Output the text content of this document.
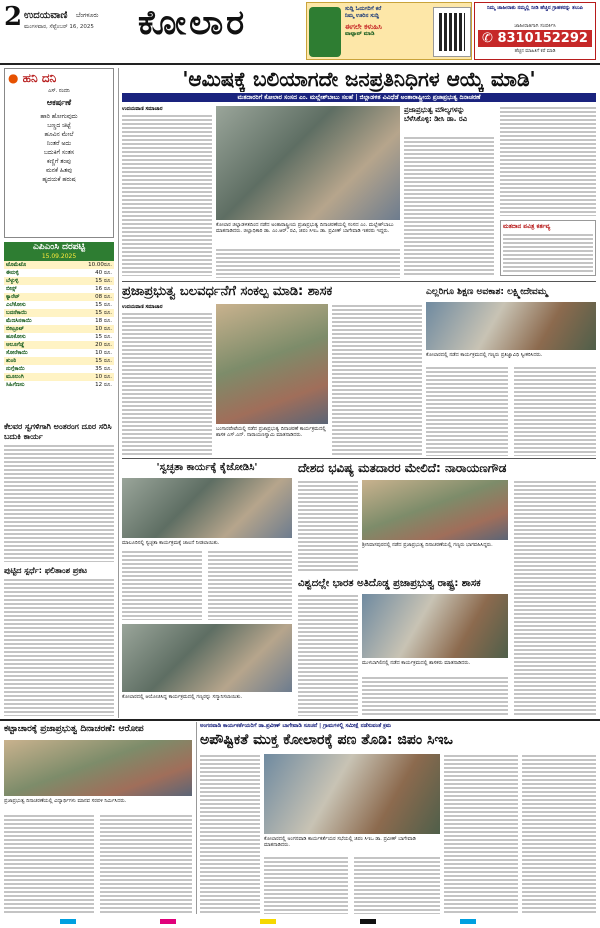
2 ಉದಯವಾಣಿ ಬೆಂಗಳೂರು
ಮಂಗಳವಾರ, ಸೆಪ್ಟೆಂಬರ್ 16, 2025 ಕೋಲಾರ	ಸುದ್ದಿ ಓದುಗರಿಗೆ ಕರೆ
ನಿಮ್ಮ ಊರಿನ ಸುದ್ದಿ
ಈಗಲೇ ಕಳುಹಿಸಿ
ವಾಟ್ಸಾಪ್ ಮಾಡಿ
ನಿಮ್ಮ ಜಾಹೀರಾತು ನಮ್ಮಲ್ಲಿ ನೀಡಿ ಹೆಚ್ಚಿನ ಗ್ರಾಹಕರನ್ನು ತಲುಪಿ
ಜಾಹೀರಾತಿಗಾಗಿ ಸಂಪರ್ಕಿಸಿ
✆ 8310152292
ಹೆಚ್ಚಿನ ಮಾಹಿತಿಗೆ ಕರೆ ಮಾಡಿ
● ಹನಿ ದನಿ
ಎಸ್. ನಂದನಿ
ಆಕರ್ಷಣೆ
ಹಾರಿ ಹೋಗುವುದು
ಬಣ್ಣದ ಚಿಟ್ಟೆ
ಹೂವಿನ ಮೇಲೆ
ನಿಂತರೆ ಅದು
ಬದುಕಿಗೆ ಸಂತಸ
ಕಣ್ಣಿಗೆ ತಂಪು
ಮನಕೆ ಹಿತವು
ಹೃದಯಕೆ ಹರುಷ
ಎಪಿಎಂಸಿ ದರಪಟ್ಟಿ
15.09.2025
ಟೊಮೆಟೊ	10.00ರೂ.
ಈರುಳ್ಳಿ	40 ರೂ.
ಬೆಳ್ಳುಳ್ಳಿ	15 ರೂ.
ಬೀನ್ಸ್	16 ರೂ.
ಕ್ಯಾರೆಟ್	08 ರೂ.
ಎಲೆಕೋಸು	15 ರೂ.
ಬದನೆಕಾಯಿ	15 ರೂ.
ಮೆಣಸಿನಕಾಯಿ	18 ರೂ.
ಬೀಟ್ರೂಟ್	10 ರೂ.
ಹೂಕೋಸು	15 ರೂ.
ಆಲೂಗೆಡ್ಡೆ	20 ರೂ.
ಸೋರೆಕಾಯಿ	10 ರೂ.
ಶುಂಠಿ	15 ರೂ.
ನುಗ್ಗೆಕಾಯಿ	35 ರೂ.
ಮೂಲಂಗಿ	10 ರೂ.
ಸಿಹಿಗೆಣಸು	12 ರೂ.
ಕೆಲವರ ಸ್ವಗಳಿಗಾಗಿ ಅಂತರಂಗ ದೂರ ಸರಿಸಿ ಬದುಕಿ ಕಾರ್ಯ
ಪುಟ್ಟಿದ ಸ್ಪರ್ಧೆ: ಫಲಿತಾಂಶ ಪ್ರಕಟ
'ಆಮಿಷಕ್ಕೆ ಬಲಿಯಾಗದೇ ಜನಪ್ರತಿನಿಧಿಗಳ ಆಯ್ಕೆ ಮಾಡಿ'
ಮತದಾರರಿಗೆ ಕೋಲಾರ ಸಂಸದ ಎಂ. ಮಲ್ಲೇಶ್‌ಬಾಬು ಸಲಹೆ | ಜಿಲ್ಲಾಡಳಿತ ವಿವಿಧೆಡೆ ಅಂತಾರಾಷ್ಟ್ರೀಯ ಪ್ರಜಾಪ್ರಭುತ್ವ ದಿನಾಚರಣೆ
ಉದಯವಾಣಿ ಸಮಾಚಾರ
ಕೋಲಾರ ಜಿಲ್ಲಾಡಳಿತದಿಂದ ನಡೆದ ಅಂತಾರಾಷ್ಟ್ರೀಯ ಪ್ರಜಾಪ್ರಭುತ್ವ ದಿನಾಚರಣೆಯಲ್ಲಿ ಸಂಸದ ಎಂ. ಮಲ್ಲೇಶ್‌ಬಾಬು ಮಾತನಾಡಿದರು. ಜಿಲ್ಲಾಧಿಕಾರಿ ಡಾ. ಎಂ.ಆರ್. ರವಿ, ಜಿಪಂ ಸಿಇಒ ಡಾ. ಪ್ರವೀಣ್ ಬಾಗೇವಾಡಿ ಇತರರು ಇದ್ದರು.
ಪ್ರಜಾಪ್ರಭುತ್ವ ಮೌಲ್ಯಗಳನ್ನು ಬೆಳೆಸಿಕೊಳ್ಳಿ: ಡೀಸಿ ಡಾ. ರವಿ
ಮತದಾನ ಪವಿತ್ರ ಕರ್ತವ್ಯ
ಪ್ರಜಾಪ್ರಭುತ್ವ ಬಲವರ್ಧನೆಗೆ ಸಂಕಲ್ಪ ಮಾಡಿ: ಶಾಸಕ
ಉದಯವಾಣಿ ಸಮಾಚಾರ
ಬಂಗಾರಪೇಟೆಯಲ್ಲಿ ನಡೆದ ಪ್ರಜಾಪ್ರಭುತ್ವ ದಿನಾಚರಣೆ ಕಾರ್ಯಕ್ರಮದಲ್ಲಿ ಶಾಸಕ ಎಸ್.ಎನ್. ನಾರಾಯಣಸ್ವಾಮಿ ಮಾತನಾಡಿದರು.
ಎಲ್ಲರಿಗೂ ಶಿಕ್ಷಣ ಅವಕಾಶ: ಲಕ್ಷ್ಮೀದೇವಮ್ಮ
ಕೋಲಾರದಲ್ಲಿ ನಡೆದ ಕಾರ್ಯಕ್ರಮದಲ್ಲಿ ಗಣ್ಯರು ಪ್ರತಿಜ್ಞಾವಿಧಿ ಸ್ವೀಕರಿಸಿದರು.
'ಸ್ವಚ್ಛತಾ ಕಾರ್ಯಕ್ಕೆ ಕೈಜೋಡಿಸಿ'
ಮಾಲೂರಿನಲ್ಲಿ ಸ್ವಚ್ಛತಾ ಕಾರ್ಯಕ್ರಮಕ್ಕೆ ಚಾಲನೆ ನೀಡಲಾಯಿತು.
ದೇಶದ ಭವಿಷ್ಯ ಮತದಾರರ ಮೇಲಿದೆ: ನಾರಾಯಣಗೌಡ
ಶ್ರೀನಿವಾಸಪುರದಲ್ಲಿ ನಡೆದ ಪ್ರಜಾಪ್ರಭುತ್ವ ದಿನಾಚರಣೆಯಲ್ಲಿ ಗಣ್ಯರು ಭಾಗವಹಿಸಿದ್ದರು.
ವಿಶ್ವದಲ್ಲೇ ಭಾರತ ಅತಿದೊಡ್ಡ ಪ್ರಜಾಪ್ರಭುತ್ವ ರಾಷ್ಟ್ರ: ಶಾಸಕ
ಮುಳಬಾಗಿಲಿನಲ್ಲಿ ನಡೆದ ಕಾರ್ಯಕ್ರಮದಲ್ಲಿ ಶಾಸಕರು ಮಾತನಾಡಿದರು.
ಕೋಲಾರದಲ್ಲಿ ಆಯೋಜಿಸಿದ್ದ ಕಾರ್ಯಕ್ರಮದಲ್ಲಿ ಗಣ್ಯರನ್ನು ಸನ್ಮಾನಿಸಲಾಯಿತು.
ಕಟ್ಟಾಚಾರಕ್ಕೆ ಪ್ರಜಾಪ್ರಭುತ್ವ ದಿನಾಚರಣೆ: ಆರೋಪ
ಪ್ರಜಾಪ್ರಭುತ್ವ ದಿನಾಚರಣೆಯಲ್ಲಿ ವಿದ್ಯಾರ್ಥಿಗಳು ಮಾನವ ಸರಪಳಿ ನಿರ್ಮಿಸಿದರು.
ಅಂಗನವಾಡಿ ಕಾರ್ಯಕರ್ತೆಯರಿಗೆ ಡಾ.ಪ್ರವೀಣ್ ಬಾಗೇವಾಡಿ ಸೂಚನೆ | ಗ್ರಾಮಗಳಲ್ಲಿ ಸಮೀಕ್ಷೆ ನಡೆಸುವಂತೆ ಕ್ರಮ
ಅಪೌಷ್ಟಿಕತೆ ಮುಕ್ತ ಕೋಲಾರಕ್ಕೆ ಪಣ ತೊಡಿ: ಜಿಪಂ ಸಿಇಒ
ಕೋಲಾರದಲ್ಲಿ ಅಂಗನವಾಡಿ ಕಾರ್ಯಕರ್ತೆಯರ ಸಭೆಯಲ್ಲಿ ಜಿಪಂ ಸಿಇಒ ಡಾ. ಪ್ರವೀಣ್ ಬಾಗೇವಾಡಿ ಮಾತನಾಡಿದರು.
